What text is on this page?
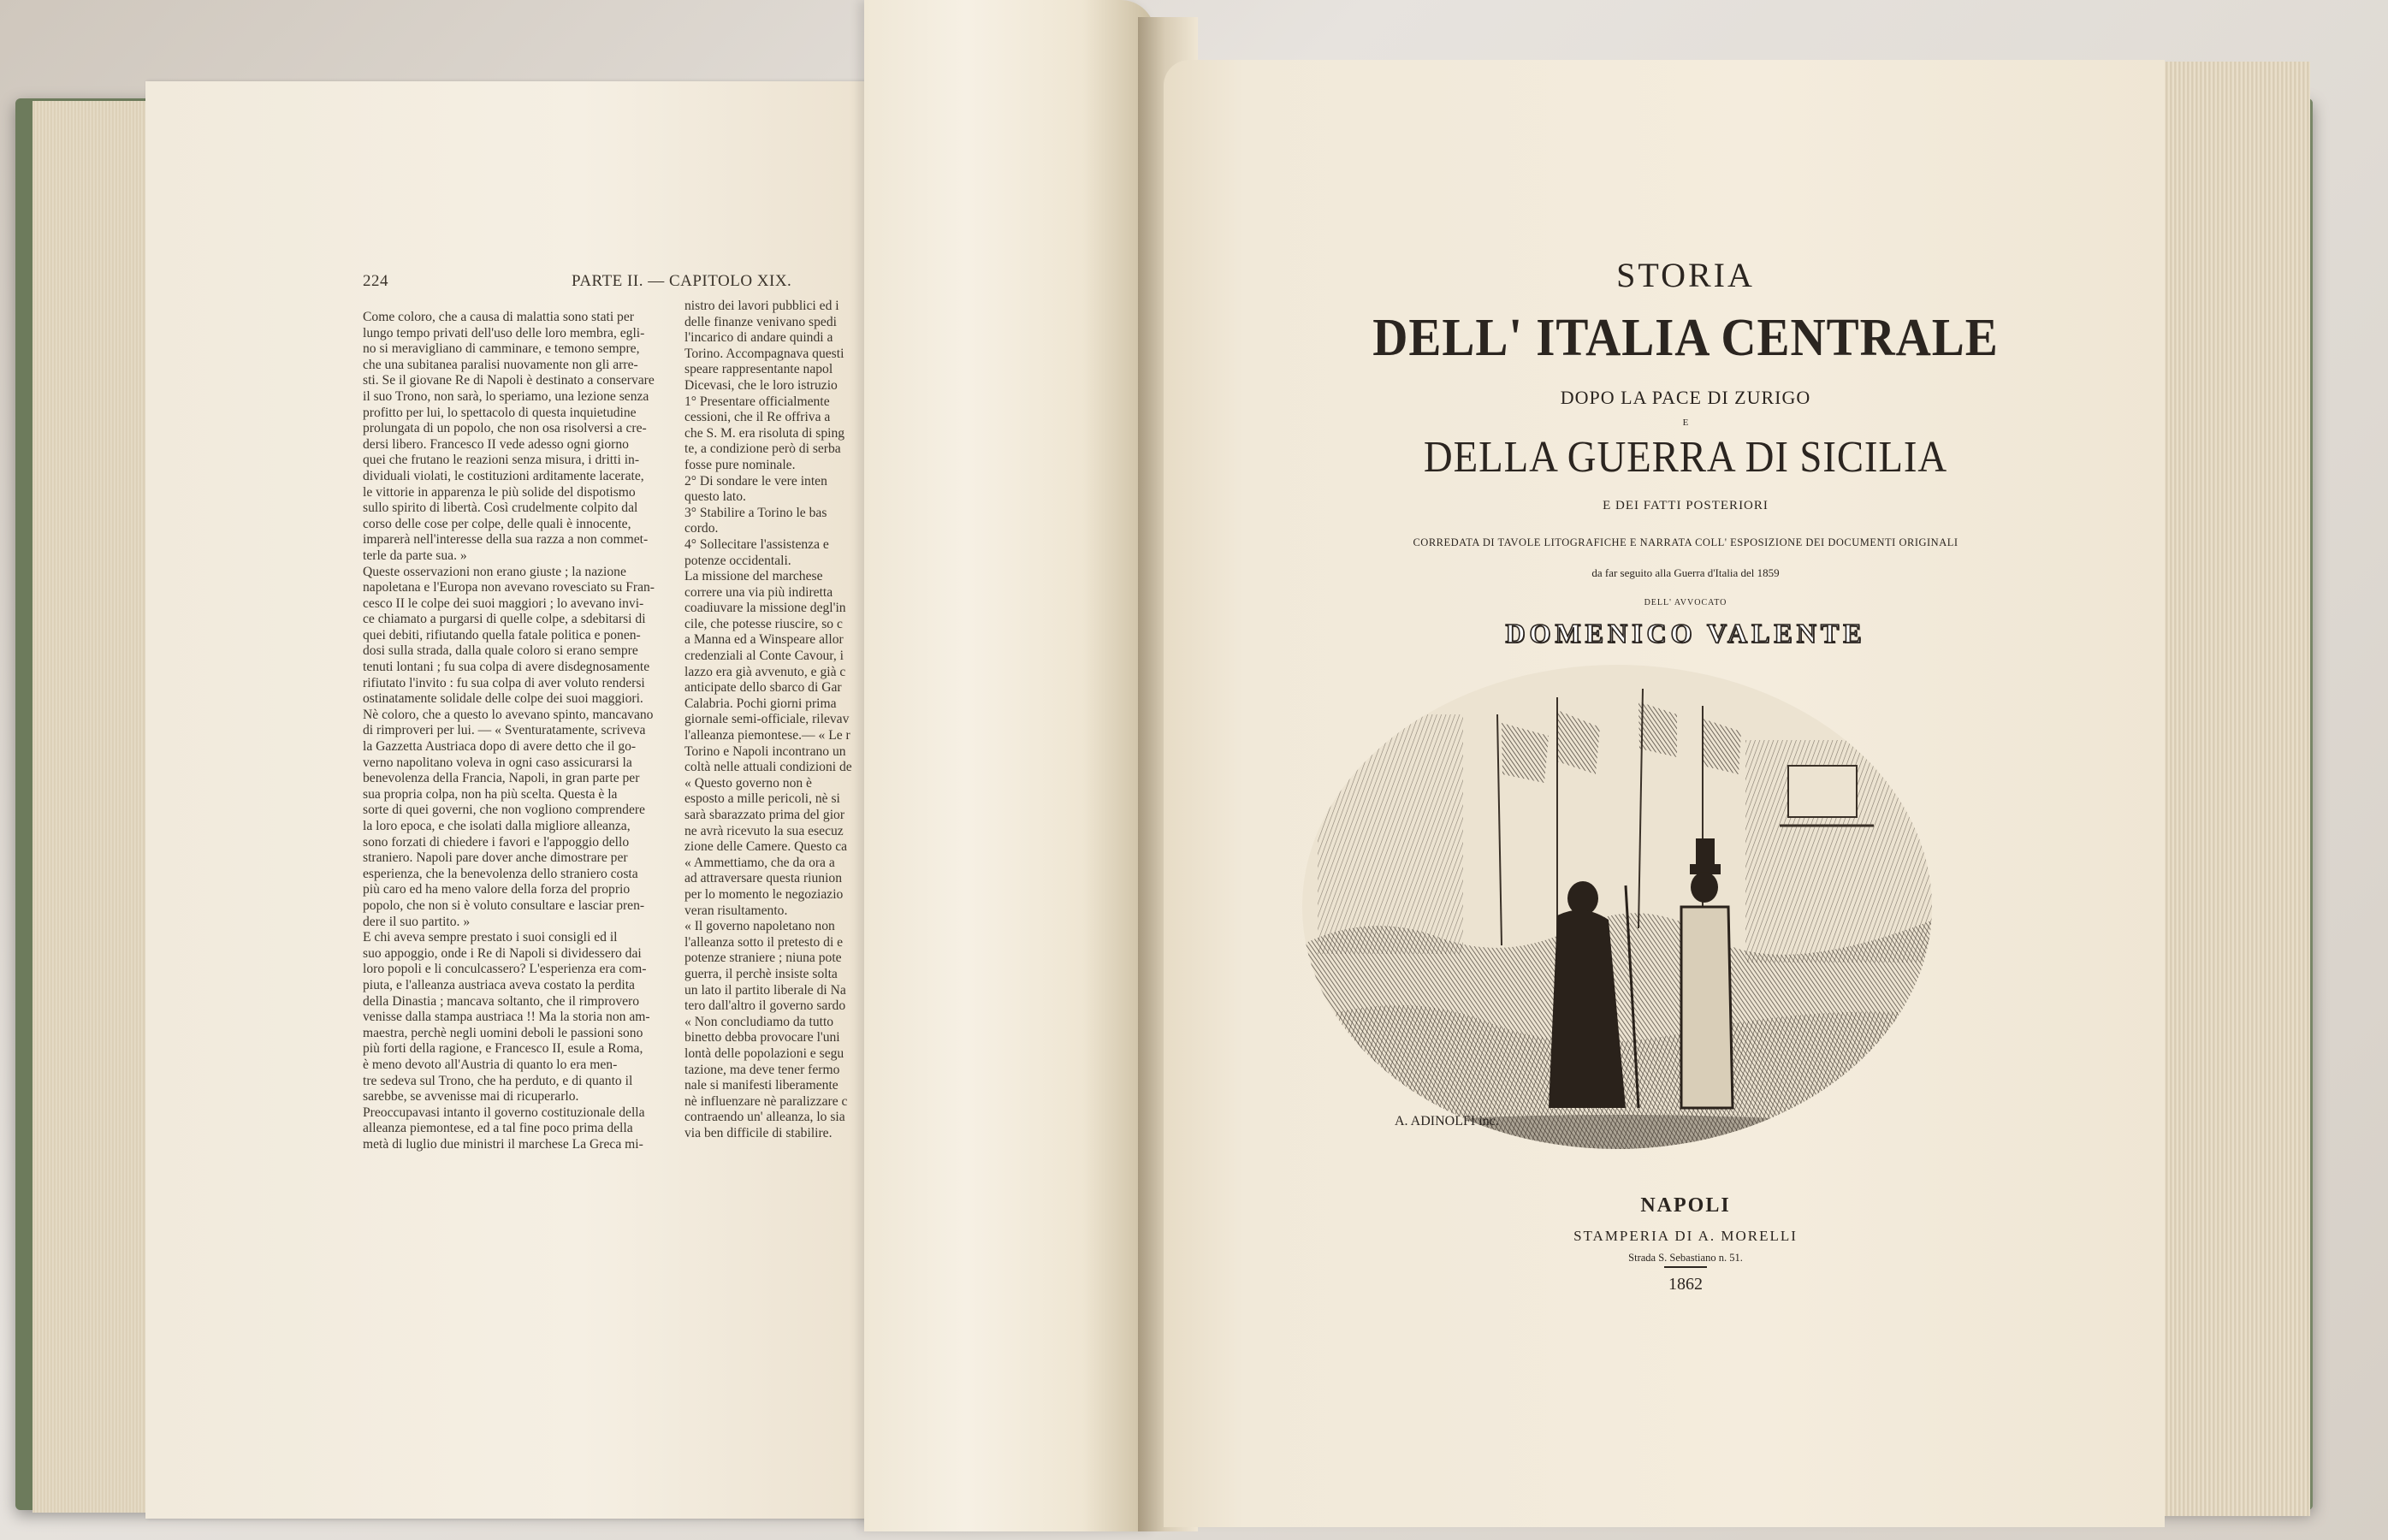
224	PARTE II. — CAPITOLO XIX.
Come coloro, che a causa di malattia sono stati per
lungo tempo privati dell'uso delle loro membra, egli-
no si meravigliano di camminare, e temono sempre,
che una subitanea paralisi nuovamente non gli arre-
sti. Se il giovane Re di Napoli è destinato a conservare
il suo Trono, non sarà, lo speriamo, una lezione senza
profitto per lui, lo spettacolo di questa inquietudine
prolungata di un popolo, che non osa risolversi a cre-
dersi libero. Francesco II vede adesso ogni giorno
quei che frutano le reazioni senza misura, i dritti in-
dividuali violati, le costituzioni arditamente lacerate,
le vittorie in apparenza le più solide del dispotismo
sullo spirito di libertà. Così crudelmente colpito dal
corso delle cose per colpe, delle quali è innocente,
imparerà nell'interesse della sua razza a non commet-
terle da parte sua. »
Queste osservazioni non erano giuste ; la nazione
napoletana e l'Europa non avevano rovesciato su Fran-
cesco II le colpe dei suoi maggiori ; lo avevano invi-
ce chiamato a purgarsi di quelle colpe, a sdebitarsi di
quei debiti, rifiutando quella fatale politica e ponen-
dosi sulla strada, dalla quale coloro si erano sempre
tenuti lontani ; fu sua colpa di avere disdegnosamente
rifiutato l'invito : fu sua colpa di aver voluto rendersi
ostinatamente solidale delle colpe dei suoi maggiori.
Nè coloro, che a questo lo avevano spinto, mancavano
di rimproveri per lui. — « Sventuratamente, scriveva
la Gazzetta Austriaca dopo di avere detto che il go-
verno napolitano voleva in ogni caso assicurarsi la
benevolenza della Francia, Napoli, in gran parte per
sua propria colpa, non ha più scelta. Questa è la
sorte di quei governi, che non vogliono comprendere
la loro epoca, e che isolati dalla migliore alleanza,
sono forzati di chiedere i favori e l'appoggio dello
straniero. Napoli pare dover anche dimostrare per
esperienza, che la benevolenza dello straniero costa
più caro ed ha meno valore della forza del proprio
popolo, che non si è voluto consultare e lasciar pren-
dere il suo partito. »
E chi aveva sempre prestato i suoi consigli ed il
suo appoggio, onde i Re di Napoli si dividessero dai
loro popoli e li conculcassero? L'esperienza era com-
piuta, e l'alleanza austriaca aveva costato la perdita
della Dinastia ; mancava soltanto, che il rimprovero
venisse dalla stampa austriaca !! Ma la storia non am-
maestra, perchè negli uomini deboli le passioni sono
più forti della ragione, e Francesco II, esule a Roma,
è meno devoto all'Austria di quanto lo era men-
tre sedeva sul Trono, che ha perduto, e di quanto il
sarebbe, se avvenisse mai di ricuperarlo.
Preoccupavasi intanto il governo costituzionale della
alleanza piemontese, ed a tal fine poco prima della
metà di luglio due ministri il marchese La Greca mi-
nistro dei lavori pubblici ed i
delle finanze venivano spedi
l'incarico di andare quindi a
Torino. Accompagnava questi
speare rappresentante napol
Dicevasi, che le loro istruzio
1° Presentare officialmente
cessioni, che il Re offriva a
che S. M. era risoluta di sping
te, a condizione però di serba
fosse pure nominale.
2° Di sondare le vere inten
questo lato.
3° Stabilire a Torino le bas
cordo.
4° Sollecitare l'assistenza e
potenze occidentali.
La missione del marchese
correre una via più indiretta
coadiuvare la missione degl'in
cile, che potesse riuscire, so c
a Manna ed a Winspeare allor
credenziali al Conte Cavour, i
lazzo era già avvenuto, e già c
anticipate dello sbarco di Gar
Calabria. Pochi giorni prima
giornale semi-officiale, rilevav
l'alleanza piemontese.— « Le r
Torino e Napoli incontrano un
coltà nelle attuali condizioni de
« Questo governo non è
esposto a mille pericoli, nè si
sarà sbarazzato prima del gior
ne avrà ricevuto la sua esecuz
zione delle Camere. Questo ca
« Ammettiamo, che da ora a
ad attraversare questa riunion
per lo momento le negoziazio
veran risultamento.
« Il governo napoletano non
l'alleanza sotto il pretesto di e
potenze straniere ; niuna pote
guerra, il perchè insiste solta
un lato il partito liberale di Na
tero dall'altro il governo sardo
« Non concludiamo da tutto
binetto debba provocare l'uni
lontà delle popolazioni e segu
tazione, ma deve tener fermo
nale si manifesti liberamente
nè influenzare nè paralizzare c
contraendo un' alleanza, lo sia
via ben difficile di stabilire.
STORIA
DELL' ITALIA CENTRALE
DOPO LA PACE DI ZURIGO
E
DELLA GUERRA DI SICILIA
E DEI FATTI POSTERIORI
CORREDATA DI TAVOLE LITOGRAFICHE E NARRATA COLL' ESPOSIZIONE DEI DOCUMENTI ORIGINALI
da far seguito alla Guerra d'Italia del 1859
DELL' AVVOCATO
DOMENICO VALENTE
A. ADINOLFI inc.
NAPOLI
STAMPERIA DI A. MORELLI
Strada S. Sebastiano n. 51.
1862
